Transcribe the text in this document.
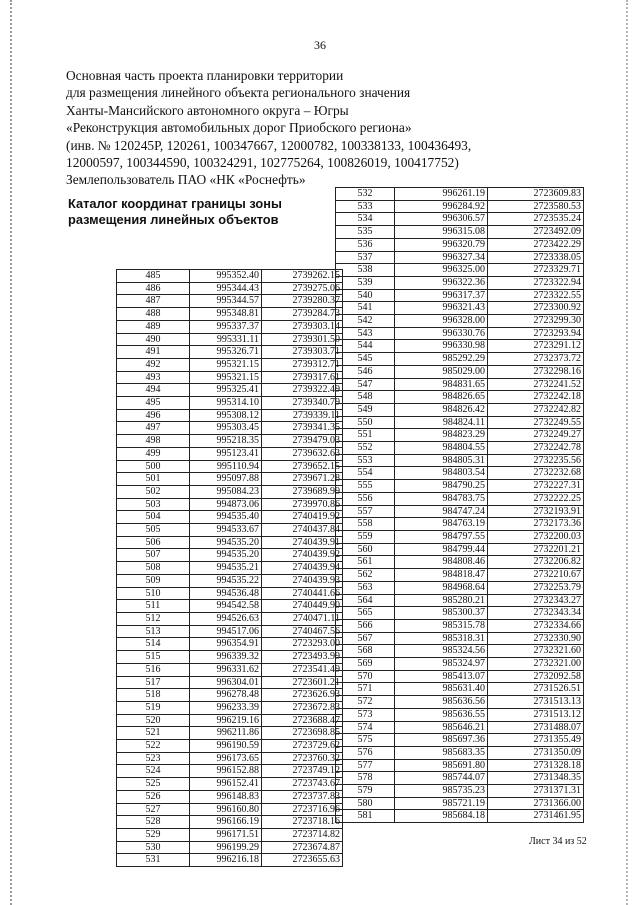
36
Основная часть проекта планировки территории
для размещения линейного объекта регионального значения
Ханты-Мансийского автономного округа – Югры
«Реконструкция автомобильных дорог Приобского региона»
(инв. № 120245Р, 120261, 100347667, 12000782, 100338133, 100436493,
12000597, 100344590, 100324291, 102775264, 100826019, 100417752)
Землепользователь ПАО «НК «Роснефть»
Каталог координат границы зоны
размещения линейных объектов
485	995352.40	2739262.15
486	995344.43	2739275.06
487	995344.57	2739280.37
488	995348.81	2739284.73
489	995337.37	2739303.14
490	995331.11	2739301.50
491	995326.71	2739303.71
492	995321.15	2739312.71
493	995321.15	2739317.61
494	995325.41	2739322.49
495	995314.10	2739340.79
496	995308.12	2739339.11
497	995303.45	2739341.35
498	995218.35	2739479.03
499	995123.41	2739632.63
500	995110.94	2739652.15
501	995097.88	2739671.28
502	995084.23	2739689.99
503	994873.06	2739970.86
504	994535.40	2740419.92
505	994533.67	2740437.84
506	994535.20	2740439.91
507	994535.20	2740439.92
508	994535.21	2740439.94
509	994535.22	2740439.93
510	994536.48	2740441.66
511	994542.58	2740449.90
512	994526.63	2740471.11
513	994517.06	2740467.56
514	996354.91	2723293.00
515	996339.32	2723493.99
516	996331.62	2723541.49
517	996304.01	2723601.21
518	996278.48	2723626.93
519	996233.39	2723672.83
520	996219.16	2723688.47
521	996211.86	2723698.85
522	996190.59	2723729.62
523	996173.65	2723760.32
524	996152.88	2723749.12
525	996152.41	2723743.67
526	996148.83	2723737.83
527	996160.80	2723716.96
528	996166.19	2723718.16
529	996171.51	2723714.82
530	996199.29	2723674.87
531	996216.18	2723655.63
532	996261.19	2723609.83
533	996284.92	2723580.53
534	996306.57	2723535.24
535	996315.08	2723492.09
536	996320.79	2723422.29
537	996327.34	2723338.05
538	996325.00	2723329.71
539	996322.36	2723322.94
540	996317.37	2723322.55
541	996321.43	2723300.92
542	996328.00	2723299.30
543	996330.76	2723293.94
544	996330.98	2723291.12
545	985292.29	2732373.72
546	985029.00	2732298.16
547	984831.65	2732241.52
548	984826.65	2732242.18
549	984826.42	2732242.82
550	984824.11	2732249.55
551	984823.29	2732249.27
552	984804.55	2732242.78
553	984805.31	2732235.56
554	984803.54	2732232.68
555	984790.25	2732227.31
556	984783.75	2732222.25
557	984747.24	2732193.91
558	984763.19	2732173.36
559	984797.55	2732200.03
560	984799.44	2732201.21
561	984808.46	2732206.82
562	984818.47	2732210.67
563	984968.64	2732253.79
564	985280.21	2732343.27
565	985300.37	2732343.34
566	985315.78	2732334.66
567	985318.31	2732330.90
568	985324.56	2732321.60
569	985324.97	2732321.00
570	985413.07	2732092.58
571	985631.40	2731526.51
572	985636.56	2731513.13
573	985636.55	2731513.12
574	985646.21	2731488.07
575	985697.36	2731355.49
576	985683.35	2731350.09
577	985691.80	2731328.18
578	985744.07	2731348.35
579	985735.23	2731371.31
580	985721.19	2731366.00
581	985684.18	2731461.95
Лист 34 из 52
